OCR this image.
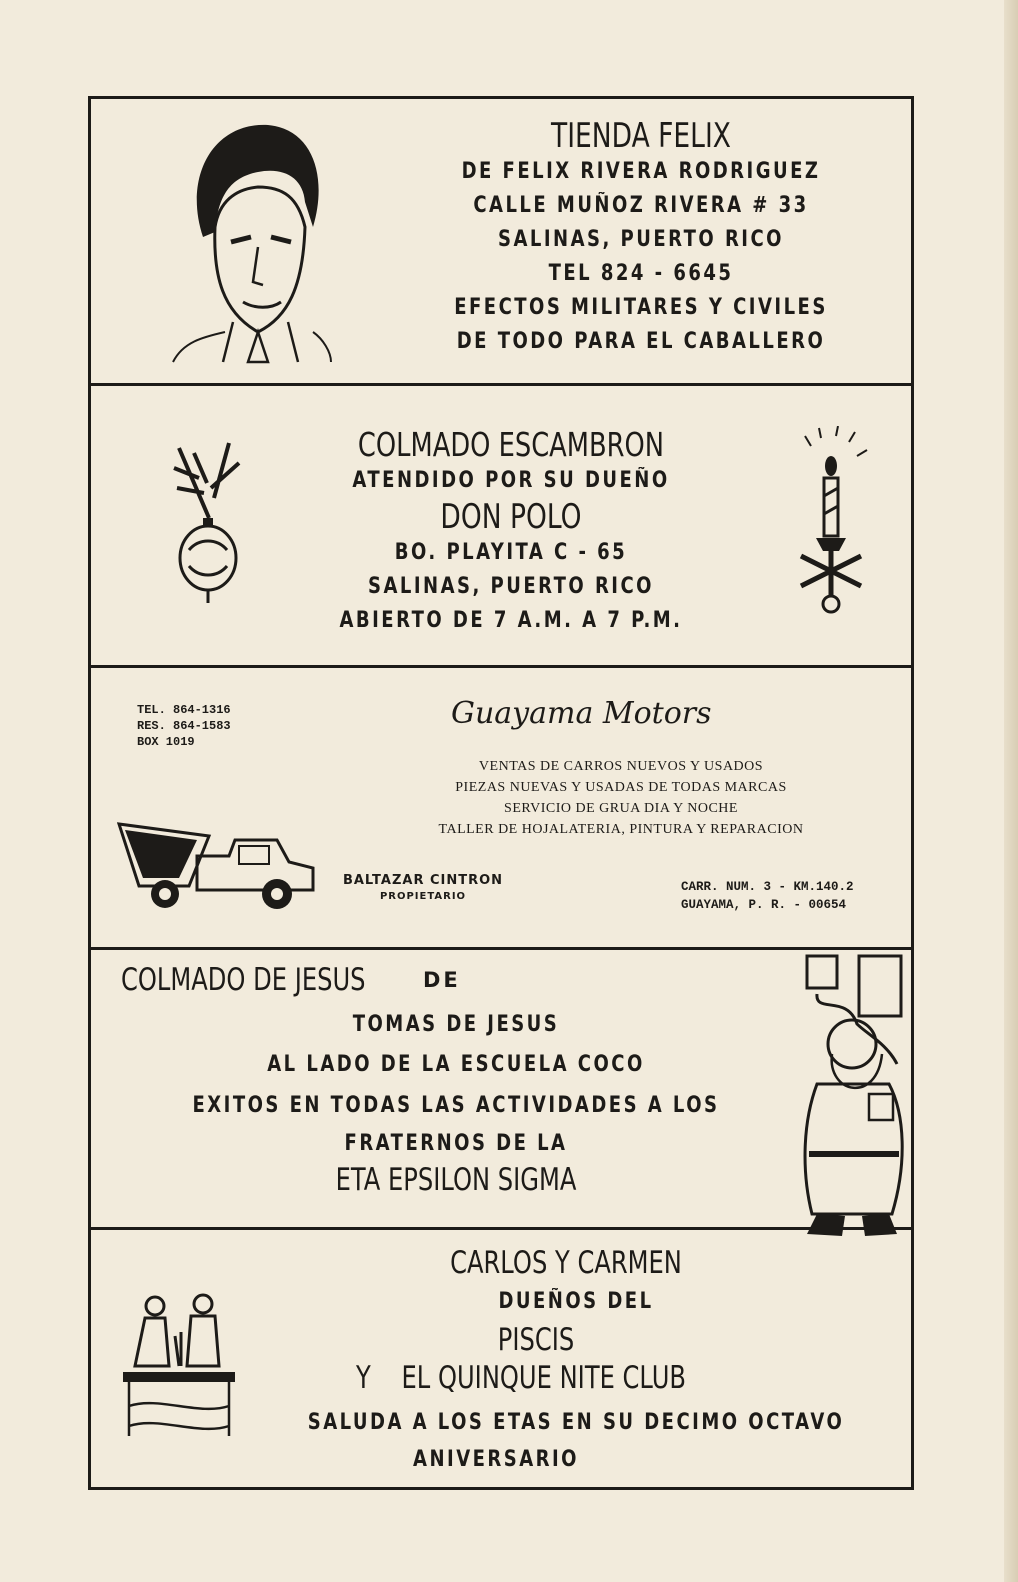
TIENDA FELIX
DE FELIX RIVERA RODRIGUEZ
CALLE MUÑOZ RIVERA # 33
SALINAS, PUERTO RICO
TEL 824 - 6645
EFECTOS MILITARES Y CIVILES
DE TODO PARA EL CABALLERO
COLMADO ESCAMBRON
ATENDIDO POR SU DUEÑO
DON POLO
BO. PLAYITA C - 65
SALINAS, PUERTO RICO
ABIERTO DE 7 A.M. A 7 P.M.
TEL. 864-1316
RES. 864-1583
BOX 1019
Guayama Motors
VENTAS DE CARROS NUEVOS Y USADOS
PIEZAS NUEVAS Y USADAS DE TODAS MARCAS
SERVICIO DE GRUA DIA Y NOCHE
TALLER DE HOJALATERIA, PINTURA Y REPARACION
BALTAZAR CINTRON
PROPIETARIO
CARR. NUM. 3 - KM.140.2
GUAYAMA, P. R. - 00654
COLMADO DE JESUS	DE
TOMAS DE JESUS
AL LADO DE LA ESCUELA COCO
EXITOS EN TODAS LAS ACTIVIDADES A LOS
FRATERNOS DE LA
ETA EPSILON SIGMA
CARLOS Y CARMEN
DUEÑOS DEL
PISCIS
Y    EL QUINQUE NITE CLUB
SALUDA A LOS ETAS EN SU DECIMO OCTAVO
ANIVERSARIO
